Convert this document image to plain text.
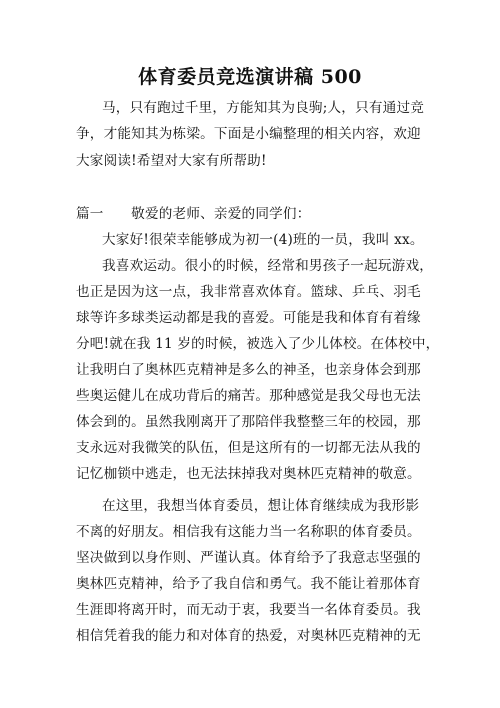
体育委员竞选演讲稿 500
马，只有跑过千里，方能知其为良驹;人，只有通过竞
争，才能知其为栋梁。下面是小编整理的相关内容，欢迎
大家阅读!希望对大家有所帮助!
篇一　　敬爱的老师、亲爱的同学们：
大家好!很荣幸能够成为初一(4)班的一员，我叫 xx。
我喜欢运动。很小的时候，经常和男孩子一起玩游戏，
也正是因为这一点，我非常喜欢体育。篮球、乒乓、羽毛
球等许多球类运动都是我的喜爱。可能是我和体育有着缘
分吧!就在我 11 岁的时候，被选入了少儿体校。在体校中，
让我明白了奥林匹克精神是多么的神圣，也亲身体会到那
些奥运健儿在成功背后的痛苦。那种感觉是我父母也无法
体会到的。虽然我刚离开了那陪伴我整整三年的校园，那
支永远对我微笑的队伍，但是这所有的一切都无法从我的
记忆枷锁中逃走，也无法抹掉我对奥林匹克精神的敬意。
在这里，我想当体育委员，想让体育继续成为我形影
不离的好朋友。相信我有这能力当一名称职的体育委员。
坚决做到以身作则、严谨认真。体育给予了我意志坚强的
奥林匹克精神，给予了我自信和勇气。我不能让着那体育
生涯即将离开时，而无动于衷，我要当一名体育委员。我
相信凭着我的能力和对体育的热爱，对奥林匹克精神的无
